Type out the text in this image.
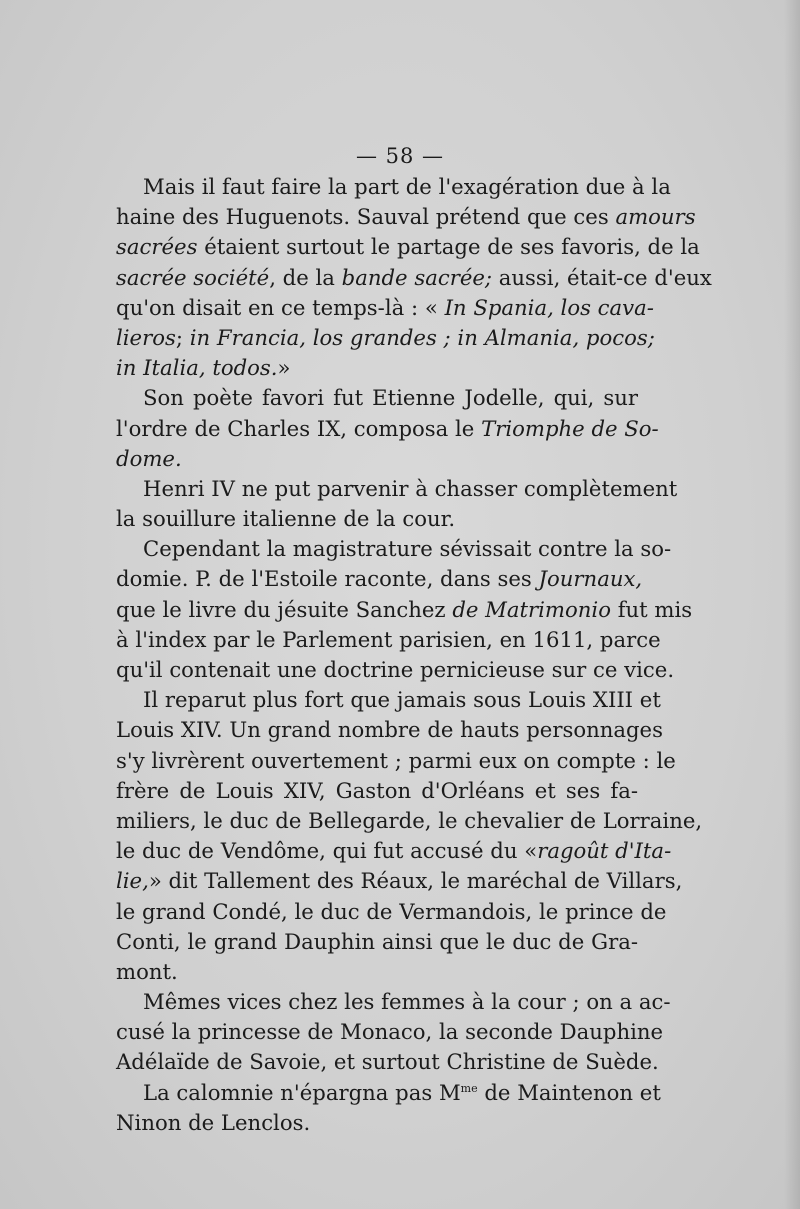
— 58 —
Mais il faut faire la part de l'exagération due à la
haine des Huguenots. Sauval prétend que ces amours
sacrées étaient surtout le partage de ses favoris, de la
sacrée société, de la bande sacrée; aussi, était-ce d'eux
qu'on disait en ce temps-là : « In Spania, los cava-
lieros; in Francia, los grandes ; in Almania, pocos;
in Italia, todos.»
Son poète favori fut Etienne Jodelle, qui, sur
l'ordre de Charles IX, composa le Triomphe de So-
dome.
Henri IV ne put parvenir à chasser complètement
la souillure italienne de la cour.
Cependant la magistrature sévissait contre la so-
domie. P. de l'Estoile raconte, dans ses Journaux,
que le livre du jésuite Sanchez de Matrimonio fut mis
à l'index par le Parlement parisien, en 1611, parce
qu'il contenait une doctrine pernicieuse sur ce vice.
Il reparut plus fort que jamais sous Louis XIII et
Louis XIV. Un grand nombre de hauts personnages
s'y livrèrent ouvertement ; parmi eux on compte : le
frère de Louis XIV, Gaston d'Orléans et ses fa-
miliers, le duc de Bellegarde, le chevalier de Lorraine,
le duc de Vendôme, qui fut accusé du «ragoût d'Ita-
lie,» dit Tallement des Réaux, le maréchal de Villars,
le grand Condé, le duc de Vermandois, le prince de
Conti, le grand Dauphin ainsi que le duc de Gra-
mont.
Mêmes vices chez les femmes à la cour ; on a ac-
cusé la princesse de Monaco, la seconde Dauphine
Adélaïde de Savoie, et surtout Christine de Suède.
La calomnie n'épargna pas $M^{me}$ de Maintenon et
Ninon de Lenclos.
